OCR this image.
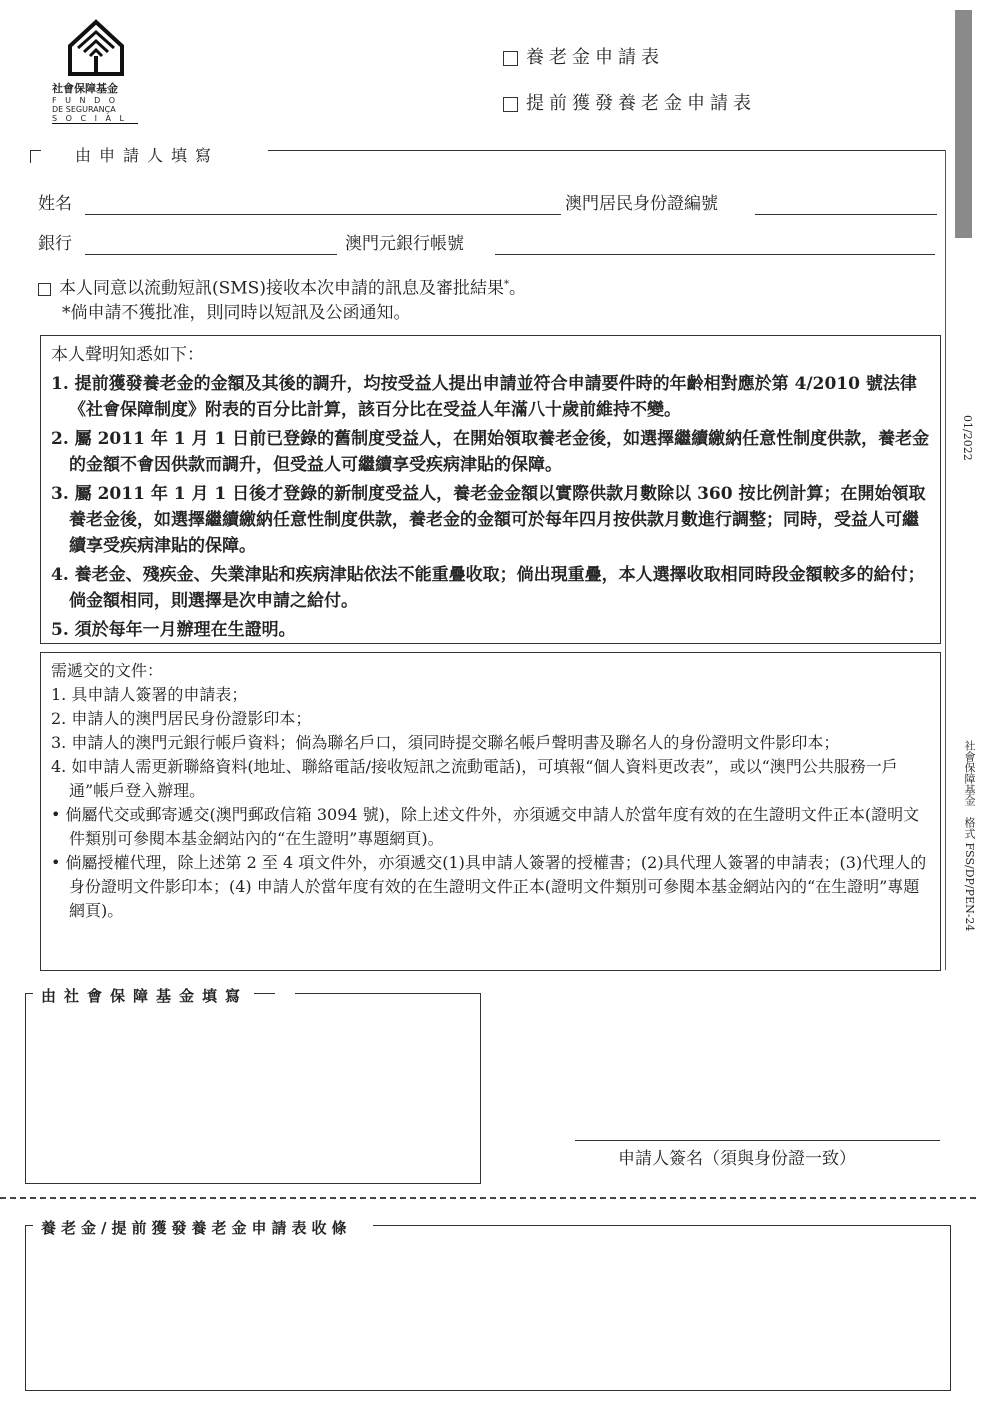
社會保障基金
F U N D O
DE SEGURANÇA
S O C I A L
養老金申請表
提前獲發養老金申請表
由申請人填寫
姓名	澳門居民身份證編號
銀行	澳門元銀行帳號
本人同意以流動短訊(SMS)接收本次申請的訊息及審批結果*。
*倘申請不獲批准，則同時以短訊及公函通知。
本人聲明知悉如下：

1. 提前獲發養老金的金額及其後的調升，均按受益人提出申請並符合申請要件時的年齡相對應於第 4/2010 號法律《社會保障制度》附表的百分比計算，該百分比在受益人年滿八十歲前維持不變。

2. 屬 2011 年 1 月 1 日前已登錄的舊制度受益人，在開始領取養老金後，如選擇繼續繳納任意性制度供款，養老金的金額不會因供款而調升，但受益人可繼續享受疾病津貼的保障。

3. 屬 2011 年 1 月 1 日後才登錄的新制度受益人，養老金金額以實際供款月數除以 360 按比例計算；在開始領取養老金後，如選擇繼續繳納任意性制度供款，養老金的金額可於每年四月按供款月數進行調整；同時，受益人可繼續享受疾病津貼的保障。

4. 養老金、殘疾金、失業津貼和疾病津貼依法不能重疊收取；倘出現重疊，本人選擇收取相同時段金額較多的給付；倘金額相同，則選擇是次申請之給付。

5. 須於每年一月辦理在生證明。

需遞交的文件：

1. 具申請人簽署的申請表；

2. 申請人的澳門居民身份證影印本；

3. 申請人的澳門元銀行帳戶資料；倘為聯名戶口，須同時提交聯名帳戶聲明書及聯名人的身份證明文件影印本；

4. 如申請人需更新聯絡資料(地址、聯絡電話/接收短訊之流動電話)，可填報“個人資料更改表”，或以“澳門公共服務一戶通”帳戶登入辦理。

• 倘屬代交或郵寄遞交(澳門郵政信箱 3094 號)，除上述文件外，亦須遞交申請人於當年度有效的在生證明文件正本(證明文件類別可參閱本基金網站內的“在生證明”專題網頁)。

• 倘屬授權代理，除上述第 2 至 4 項文件外，亦須遞交(1)具申請人簽署的授權書；(2)具代理人簽署的申請表；(3)代理人的身份證明文件影印本；(4) 申請人於當年度有效的在生證明文件正本(證明文件類別可參閱本基金網站內的“在生證明”專題網頁)。

由社會保障基金填寫
申請人簽名（須與身份證一致）
養老金/提前獲發養老金申請表收條
01/2022
社會保障基金　格式 FSS/DP/PEN-24
